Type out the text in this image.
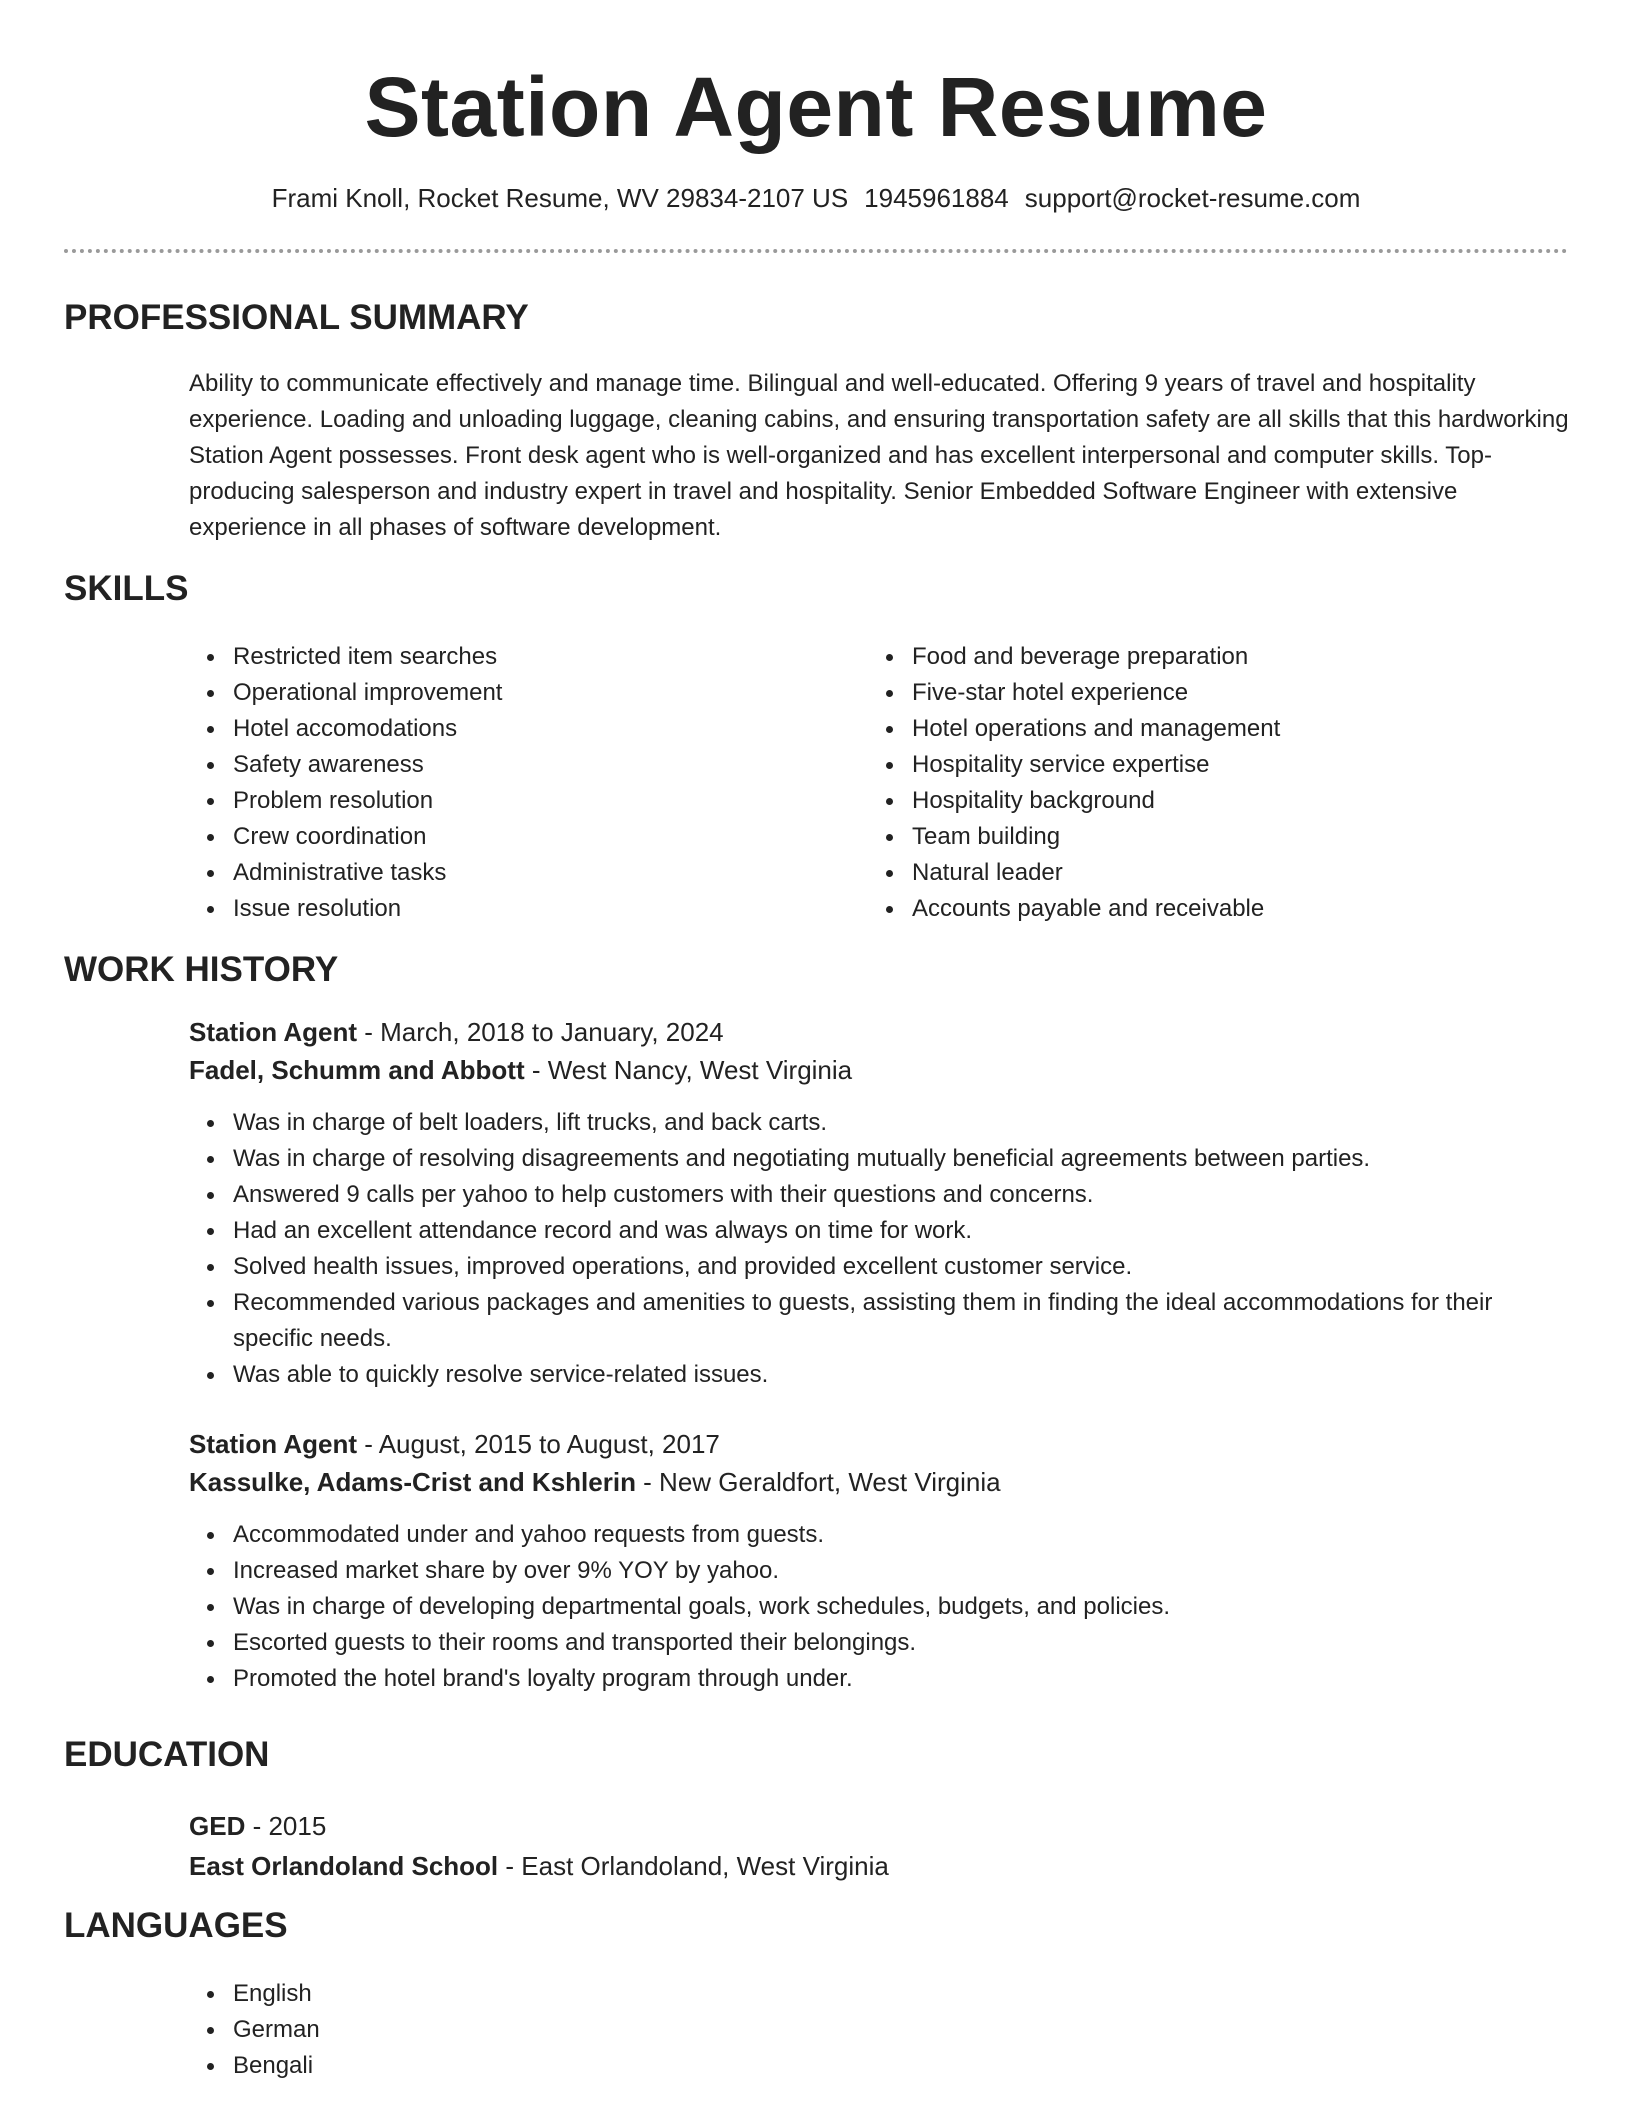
Station Agent Resume
Frami Knoll, Rocket Resume, WV 29834-2107 US 1945961884 support@rocket-resume.com
PROFESSIONAL SUMMARY
Ability to communicate effectively and manage time. Bilingual and well-educated. Offering 9 years of travel and hospitality experience. Loading and unloading luggage, cleaning cabins, and ensuring transportation safety are all skills that this hardworking Station Agent possesses. Front desk agent who is well-organized and has excellent interpersonal and computer skills. Top-producing salesperson and industry expert in travel and hospitality. Senior Embedded Software Engineer with extensive experience in all phases of software development.
SKILLS
Restricted item searches
Operational improvement
Hotel accomodations
Safety awareness
Problem resolution
Crew coordination
Administrative tasks
Issue resolution
Food and beverage preparation
Five-star hotel experience
Hotel operations and management
Hospitality service expertise
Hospitality background
Team building
Natural leader
Accounts payable and receivable
WORK HISTORY
Station Agent - March, 2018 to January, 2024
Fadel, Schumm and Abbott - West Nancy, West Virginia
Was in charge of belt loaders, lift trucks, and back carts.
Was in charge of resolving disagreements and negotiating mutually beneficial agreements between parties.
Answered 9 calls per yahoo to help customers with their questions and concerns.
Had an excellent attendance record and was always on time for work.
Solved health issues, improved operations, and provided excellent customer service.
Recommended various packages and amenities to guests, assisting them in finding the ideal accommodations for their specific needs.
Was able to quickly resolve service-related issues.
Station Agent - August, 2015 to August, 2017
Kassulke, Adams-Crist and Kshlerin - New Geraldfort, West Virginia
Accommodated under and yahoo requests from guests.
Increased market share by over 9% YOY by yahoo.
Was in charge of developing departmental goals, work schedules, budgets, and policies.
Escorted guests to their rooms and transported their belongings.
Promoted the hotel brand's loyalty program through under.
EDUCATION
GED - 2015
East Orlandoland School - East Orlandoland, West Virginia
LANGUAGES
English
German
Bengali
